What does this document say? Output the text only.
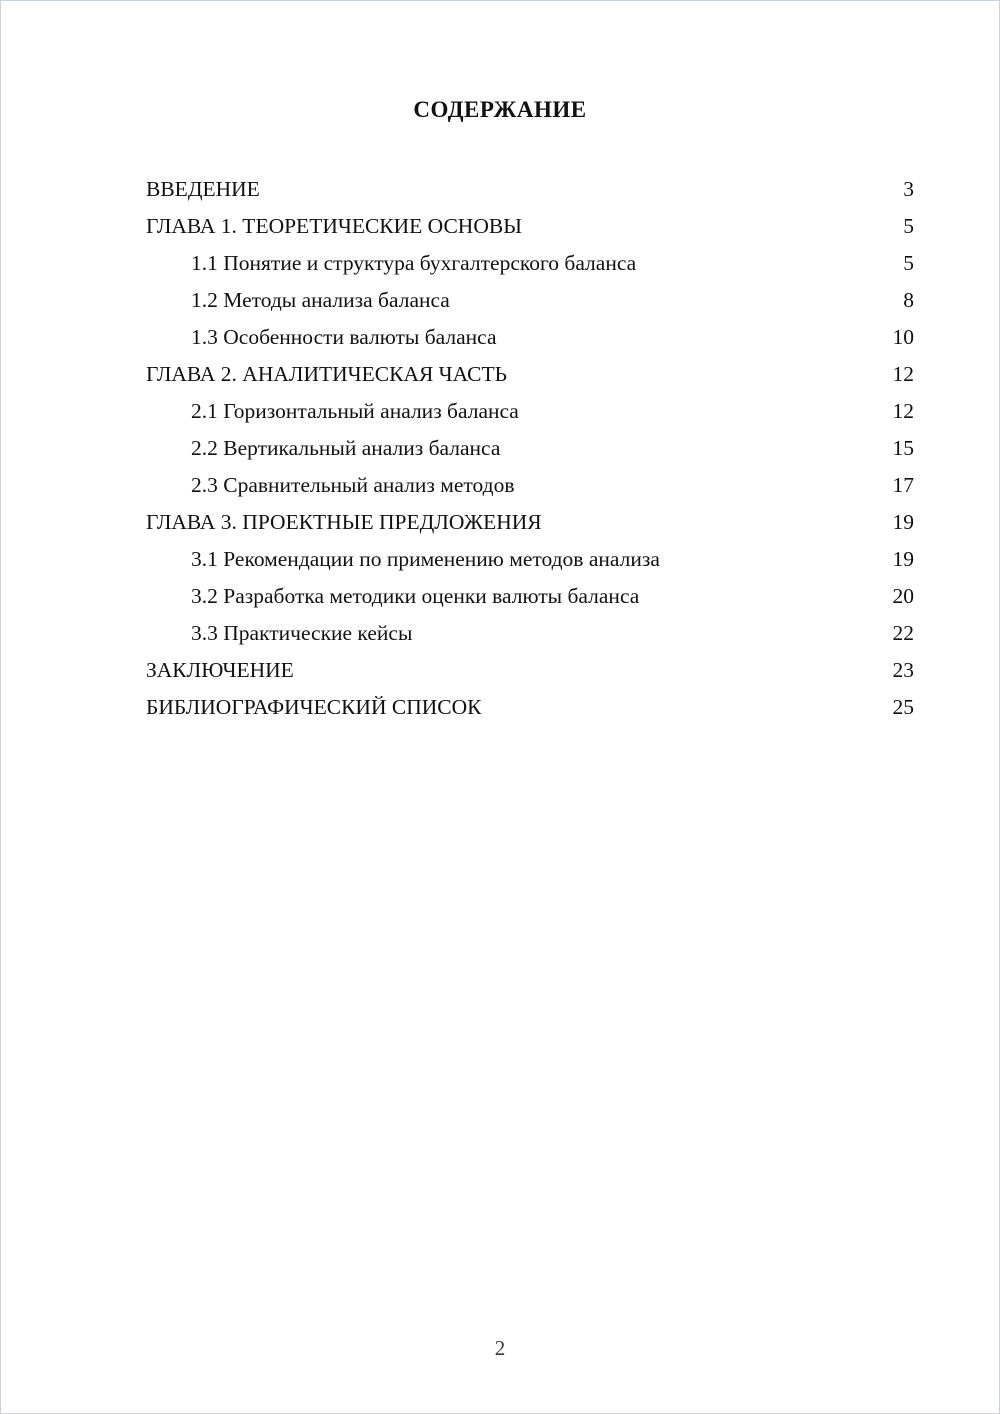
СОДЕРЖАНИЕ
ВВЕДЕНИЕ	3
ГЛАВА 1. ТЕОРЕТИЧЕСКИЕ ОСНОВЫ	5
1.1 Понятие и структура бухгалтерского баланса	5
1.2 Методы анализа баланса	8
1.3 Особенности валюты баланса	10
ГЛАВА 2. АНАЛИТИЧЕСКАЯ ЧАСТЬ	12
2.1 Горизонтальный анализ баланса	12
2.2 Вертикальный анализ баланса	15
2.3 Сравнительный анализ методов	17
ГЛАВА 3. ПРОЕКТНЫЕ ПРЕДЛОЖЕНИЯ	19
3.1 Рекомендации по применению методов анализа	19
3.2 Разработка методики оценки валюты баланса	20
3.3 Практические кейсы	22
ЗАКЛЮЧЕНИЕ	23
БИБЛИОГРАФИЧЕСКИЙ СПИСОК	25
2
